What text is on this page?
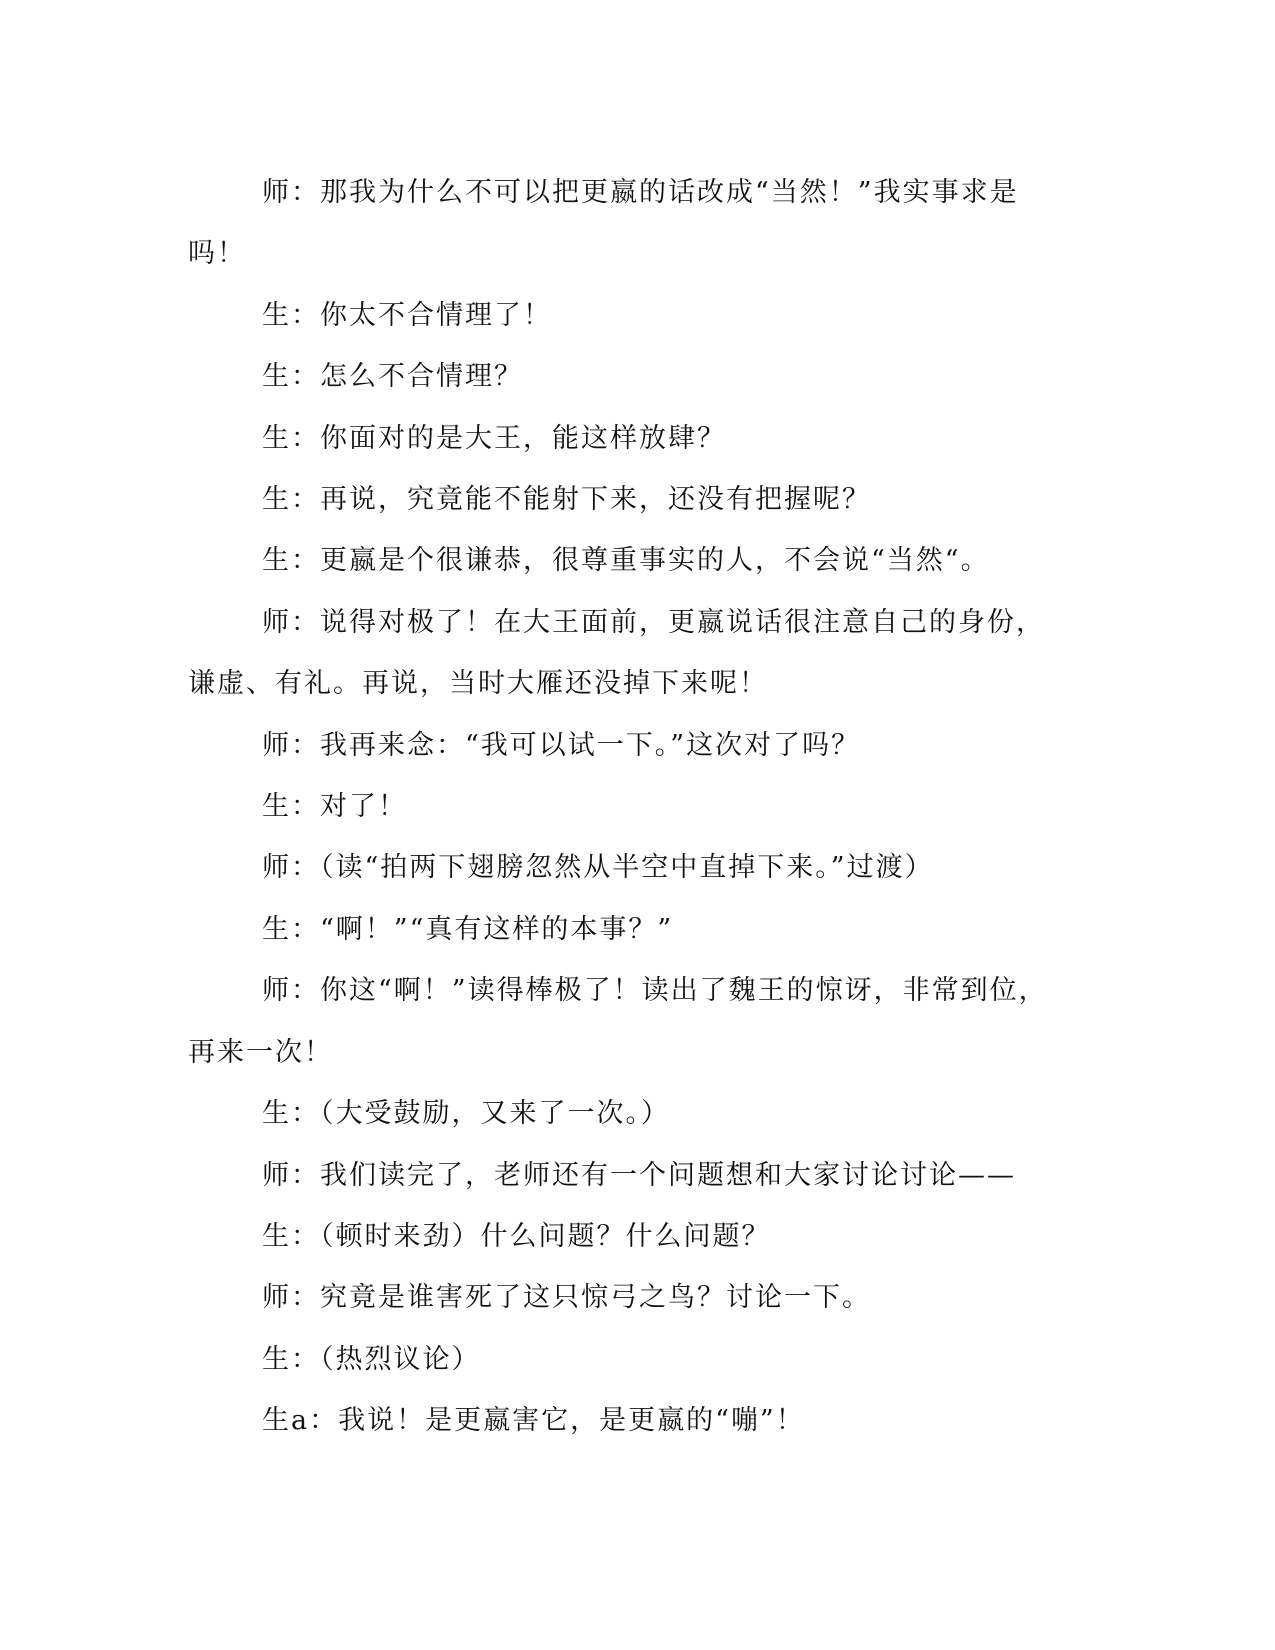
师：那我为什么不可以把更嬴的话改成“当然！”我实事求是吗！

生：你太不合情理了！

生：怎么不合情理？

生：你面对的是大王，能这样放肆？

生：再说，究竟能不能射下来，还没有把握呢？

生：更嬴是个很谦恭，很尊重事实的人，不会说“当然“。

师：说得对极了！在大王面前，更嬴说话很注意自己的身份，谦虚、有礼。再说，当时大雁还没掉下来呢！

师：我再来念：“我可以试一下。”这次对了吗？

生：对了！

师：（读“拍两下翅膀忽然从半空中直掉下来。”过渡）

生：“啊！”“真有这样的本事？”

师：你这“啊！”读得棒极了！读出了魏王的惊讶，非常到位，再来一次！

生：（大受鼓励，又来了一次。）

师：我们读完了，老师还有一个问题想和大家讨论讨论——

生：（顿时来劲）什么问题？什么问题？

师：究竟是谁害死了这只惊弓之鸟？讨论一下。

生：（热烈议论）

生a：我说！是更嬴害它，是更嬴的“嘣”！
